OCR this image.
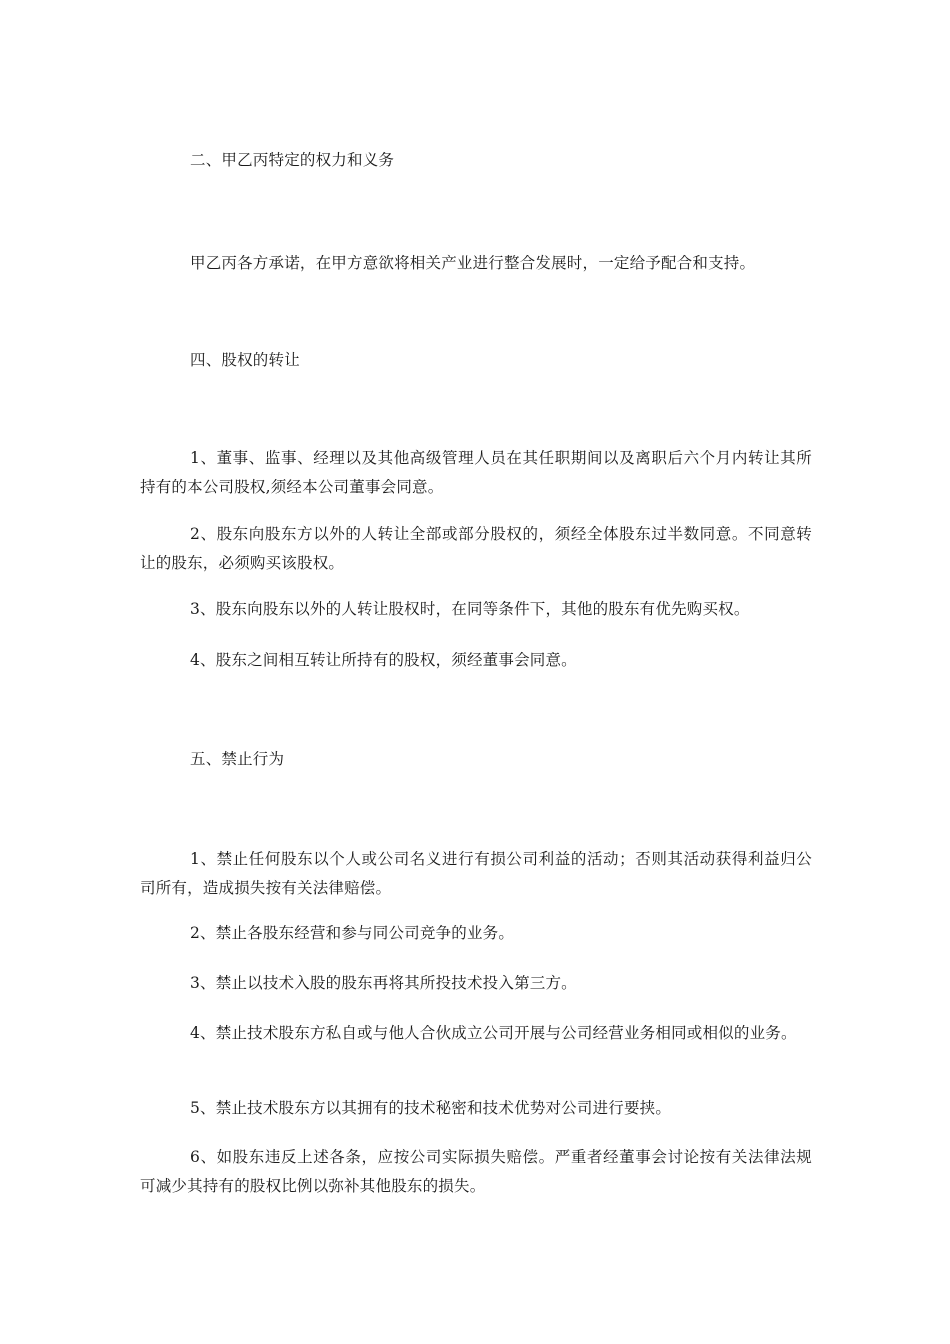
二、甲乙丙特定的权力和义务
甲乙丙各方承诺，在甲方意欲将相关产业进行整合发展时，一定给予配合和支持。
四、股权的转让
1、董事、监事、经理以及其他高级管理人员在其任职期间以及离职后六个月内转让其所持有的本公司股权,须经本公司董事会同意。
2、股东向股东方以外的人转让全部或部分股权的，须经全体股东过半数同意。不同意转让的股东，必须购买该股权。
3、股东向股东以外的人转让股权时，在同等条件下，其他的股东有优先购买权。
4、股东之间相互转让所持有的股权，须经董事会同意。
五、禁止行为
1、禁止任何股东以个人或公司名义进行有损公司利益的活动；否则其活动获得利益归公司所有，造成损失按有关法律赔偿。
2、禁止各股东经营和参与同公司竞争的业务。
3、禁止以技术入股的股东再将其所投技术投入第三方。
4、禁止技术股东方私自或与他人合伙成立公司开展与公司经营业务相同或相似的业务。
5、禁止技术股东方以其拥有的技术秘密和技术优势对公司进行要挟。
6、如股东违反上述各条，应按公司实际损失赔偿。严重者经董事会讨论按有关法律法规可减少其持有的股权比例以弥补其他股东的损失。
